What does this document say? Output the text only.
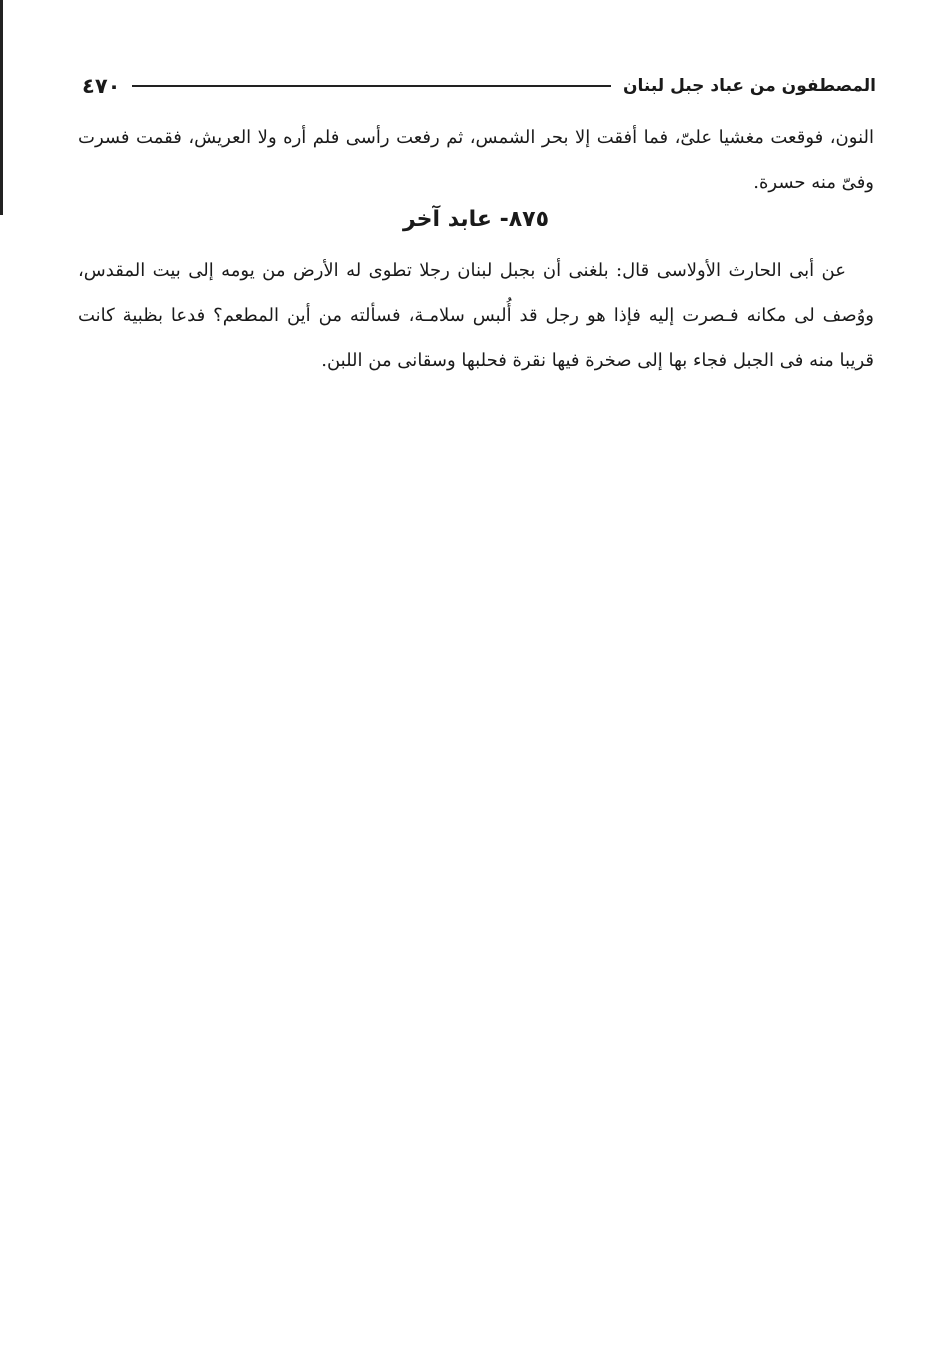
المصطفون من عباد جبل لبنان
٤٧٠

النون، فوقعت مغشيا علىّ، فما أفقت إلا بحر الشمس، ثم رفعت رأسى فلم أره ولا العريش، فقمت فسرت وفىّ منه حسرة.

٨٧٥- عابد آخر

عن أبى الحارث الأولاسى قال: بلغنى أن بجبل لبنان رجلا تطوى له الأرض من يومه إلى بيت المقدس، ووُصف لى مكانه فـصرت إليه فإذا هو رجل قد أُلبس سلامـة، فسألته من أين المطعم؟ فدعا بظبية كانت قريبا منه فى الجبل فجاء بها إلى صخرة فيها نقرة فحلبها وسقانى من اللبن.
